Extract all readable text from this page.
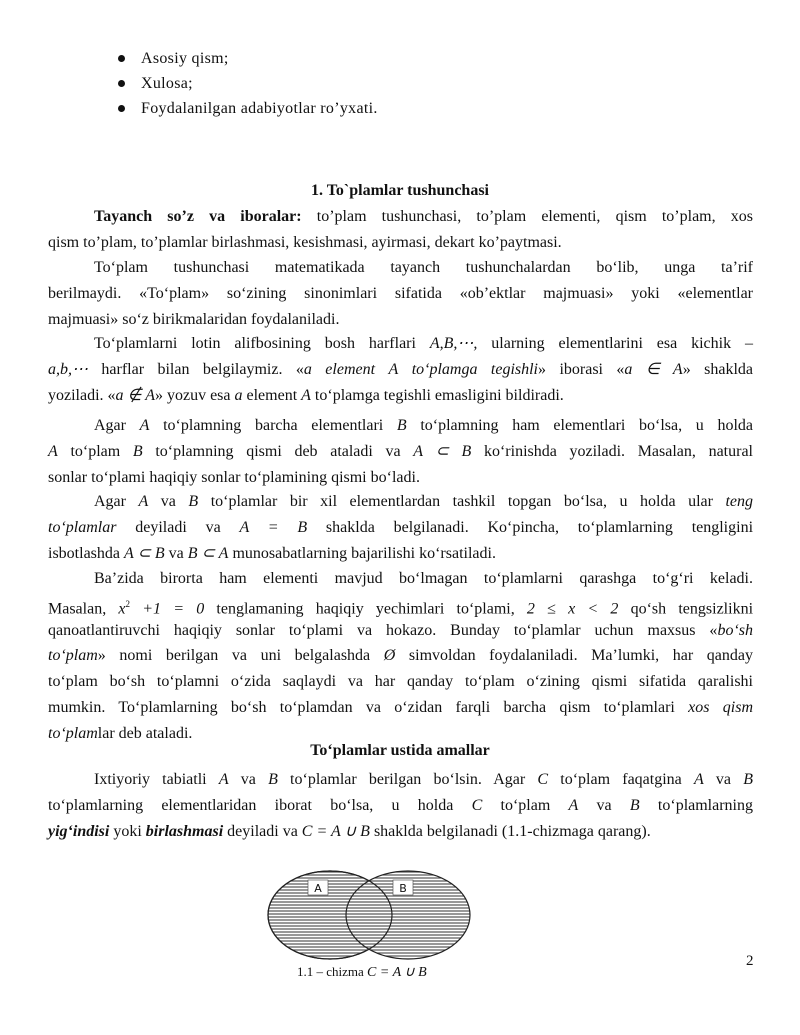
Asosiy qism;
Xulosa;
Foydalanilgan adabiyotlar ro’yxati.
1. To`plamlar tushunchasi
Tayanch so’z va iboralar: to’plam tushunchasi, to’plam elementi, qism to’plam, xos
qism to’plam, to’plamlar birlashmasi, kesishmasi, ayirmasi, dekart ko’paytmasi.
To‘plam tushunchasi matematikada tayanch tushunchalardan bo‘lib, unga ta’rif
berilmaydi. «To‘plam» so‘zining sinonimlari sifatida «ob’ektlar majmuasi» yoki «elementlar
majmuasi» so‘z birikmalaridan foydalaniladi.
To‘plamlarni lotin alifbosining bosh harflari A,B,⋯, ularning elementlarini esa kichik –
a,b,⋯ harflar bilan belgilaymiz. «a element A to‘plamga tegishli» iborasi «a ∈ A» shaklda
yoziladi. «a ∉ A» yozuv esa a element A to‘plamga tegishli emasligini bildiradi.
Agar A to‘plamning barcha elementlari B to‘plamning ham elementlari bo‘lsa, u holda
A to‘plam B to‘plamning qismi deb ataladi va A ⊂ B ko‘rinishda yoziladi. Masalan, natural
sonlar to‘plami haqiqiy sonlar to‘plamining qismi bo‘ladi.
Agar A va B to‘plamlar bir xil elementlardan tashkil topgan bo‘lsa, u holda ular teng
to‘plamlar deyiladi va A = B shaklda belgilanadi. Ko‘pincha, to‘plamlarning tengligini
isbotlashda A ⊂ B va B ⊂ A munosabatlarning bajarilishi ko‘rsatiladi.
Ba’zida birorta ham elementi mavjud bo‘lmagan to‘plamlarni qarashga to‘g‘ri keladi.
Masalan, $x^2 +1 = 0$ tenglamaning haqiqiy yechimlari to‘plami, 2 ≤ x < 2 qo‘sh tengsizlikni
qanoatlantiruvchi haqiqiy sonlar to‘plami va hokazo. Bunday to‘plamlar uchun maxsus «bo‘sh
to‘plam» nomi berilgan va uni belgalashda Ø simvoldan foydalaniladi. Ma’lumki, har qanday
to‘plam bo‘sh to‘plamni o‘zida saqlaydi va har qanday to‘plam o‘zining qismi sifatida qaralishi
mumkin. To‘plamlarning bo‘sh to‘plamdan va o‘zidan farqli barcha qism to‘plamlari xos qism
to‘plamlar deb ataladi.
To‘plamlar ustida amallar
Ixtiyoriy tabiatli A va B to‘plamlar berilgan bo‘lsin. Agar C to‘plam faqatgina A va B
to‘plamlarning elementlaridan iborat bo‘lsa, u holda C to‘plam A va B to‘plamlarning
yig‘indisi yoki birlashmasi deyiladi va C = A ∪ B shaklda belgilanadi (1.1-chizmaga qarang).
A	B
1.1 – chizma C = A ∪ B
2
